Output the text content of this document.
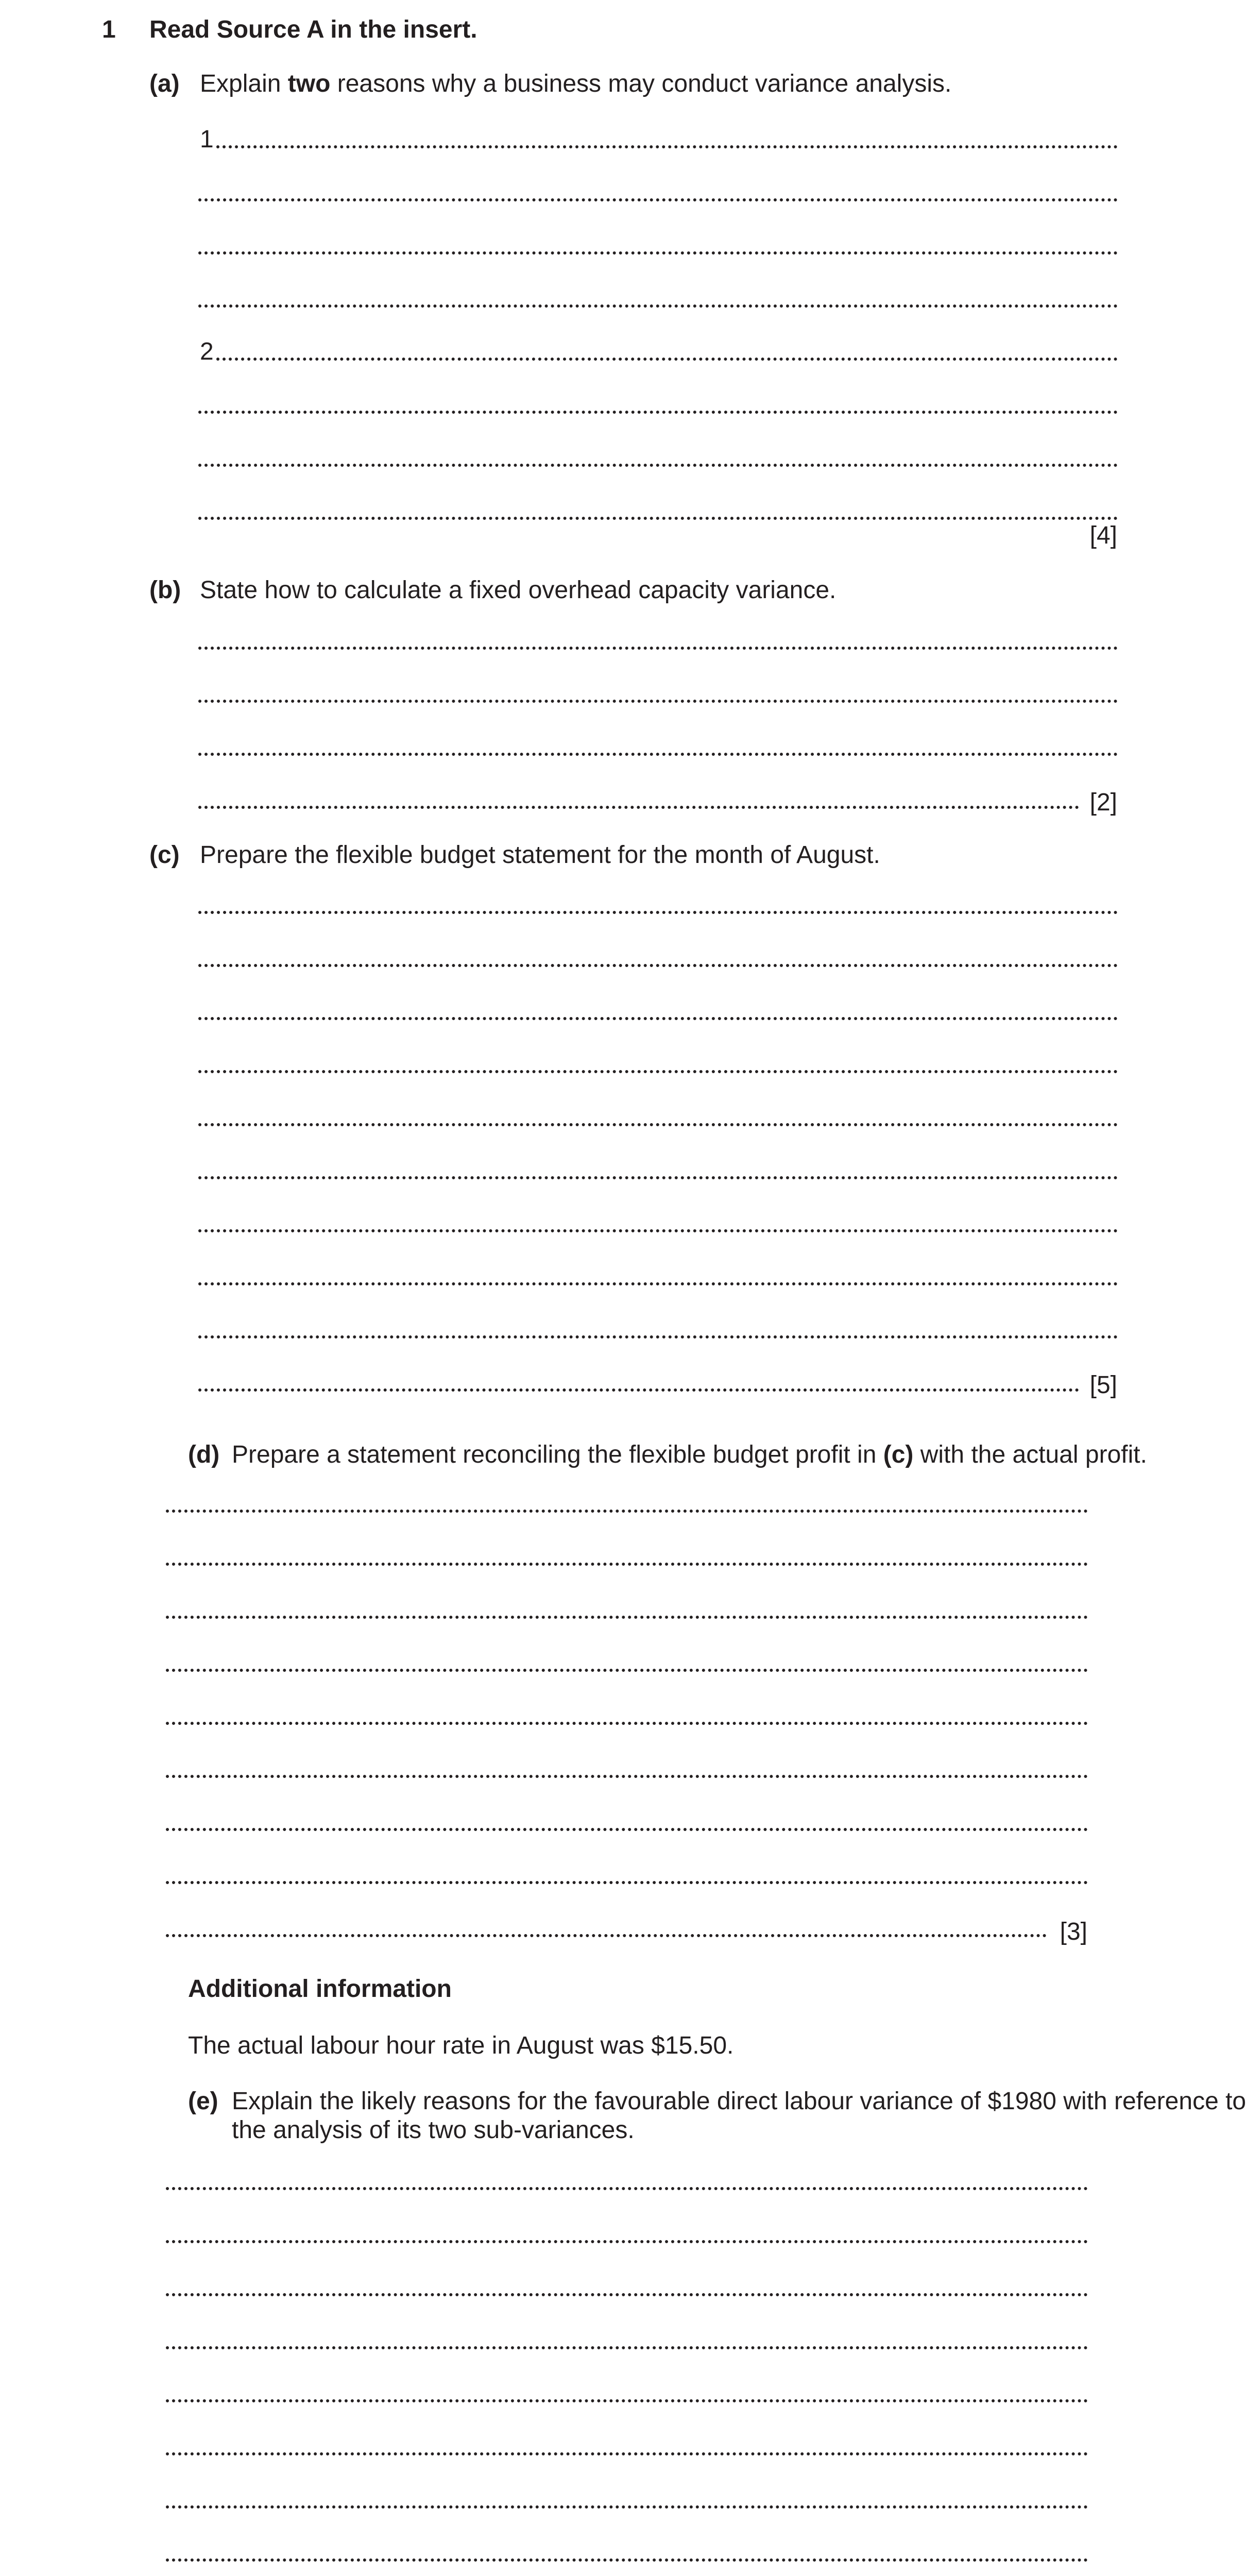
1 Read Source A in the insert.
(a) Explain two reasons why a business may conduct variance analysis.
1
2
[4]
(b) State how to calculate a fixed overhead capacity variance.
[2]
(c) Prepare the flexible budget statement for the month of August.
[5]
(d) Prepare a statement reconciling the flexible budget profit in (c) with the actual profit.
[3]
Additional information
The actual labour hour rate in August was $15.50.
(e) Explain the likely reasons for the favourable direct labour variance of $1980 with reference to
the analysis of its two sub-variances.
